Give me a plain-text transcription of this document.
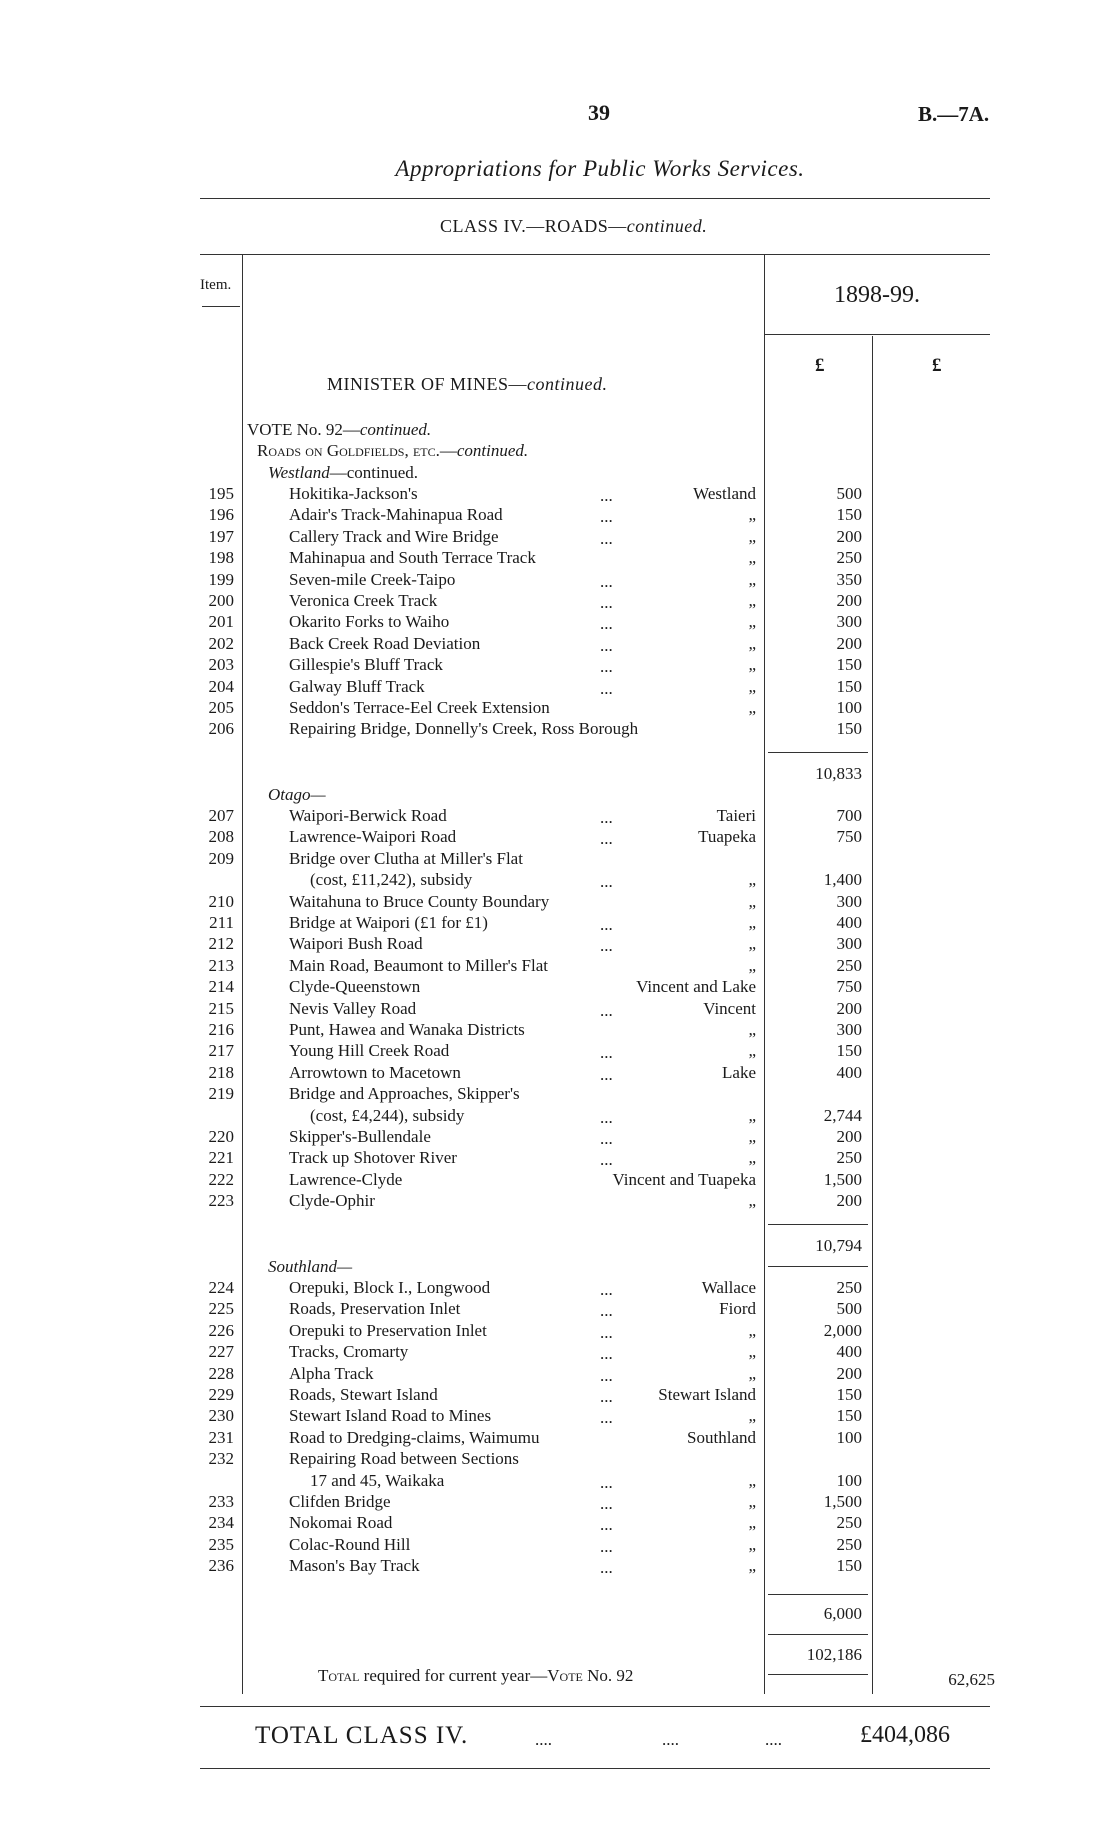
39	B.—7A.
Appropriations for Public Works Services.
CLASS IV.—ROADS—continued.
Item.	1898-99.
£	£
MINISTER OF MINES—continued.
VOTE No. 92—continued.
Roads on Goldfields, etc.—continued.
Westland—continued.
195	Hokitika-Jackson's	...	Westland	500
196	Adair's Track-Mahinapua Road	...	„	150
197	Callery Track and Wire Bridge	...	„	200
198	Mahinapua and South Terrace Track	„	250
199	Seven-mile Creek-Taipo	...	„	350
200	Veronica Creek Track	...	„	200
201	Okarito Forks to Waiho	...	„	300
202	Back Creek Road Deviation	...	„	200
203	Gillespie's Bluff Track	...	„	150
204	Galway Bluff Track	...	„	150
205	Seddon's Terrace-Eel Creek Extension	„	100
206	Repairing Bridge, Donnelly's Creek, Ross Borough	150
10,833
Otago—
207	Waipori-Berwick Road	...	Taieri	700
208	Lawrence-Waipori Road	...	Tuapeka	750
209	Bridge over Clutha at Miller's Flat
(cost, £11,242), subsidy	...	„	1,400
210	Waitahuna to Bruce County Boundary	„	300
211	Bridge at Waipori (£1 for £1)	...	„	400
212	Waipori Bush Road	...	„	300
213	Main Road, Beaumont to Miller's Flat	„	250
214	Clyde-Queenstown	Vincent and Lake	750
215	Nevis Valley Road	...	Vincent	200
216	Punt, Hawea and Wanaka Districts	„	300
217	Young Hill Creek Road	...	„	150
218	Arrowtown to Macetown	...	Lake	400
219	Bridge and Approaches, Skipper's
(cost, £4,244), subsidy	...	„	2,744
220	Skipper's-Bullendale	...	„	200
221	Track up Shotover River	...	„	250
222	Lawrence-Clyde	Vincent and Tuapeka	1,500
223	Clyde-Ophir	„	200
10,794
Southland—
224	Orepuki, Block I., Longwood	...	Wallace	250
225	Roads, Preservation Inlet	...	Fiord	500
226	Orepuki to Preservation Inlet	...	„	2,000
227	Tracks, Cromarty	...	„	400
228	Alpha Track	...	„	200
229	Roads, Stewart Island	...	Stewart Island	150
230	Stewart Island Road to Mines	...	„	150
231	Road to Dredging-claims, Waimumu	Southland	100
232	Repairing Road between Sections
17 and 45, Waikaka	...	„	100
233	Clifden Bridge	...	„	1,500
234	Nokomai Road	...	„	250
235	Colac-Round Hill	...	„	250
236	Mason's Bay Track	...	„	150
6,000
102,186
Total required for current year—Vote No. 92	62,625
TOTAL CLASS IV.	....	....	....	£404,086
